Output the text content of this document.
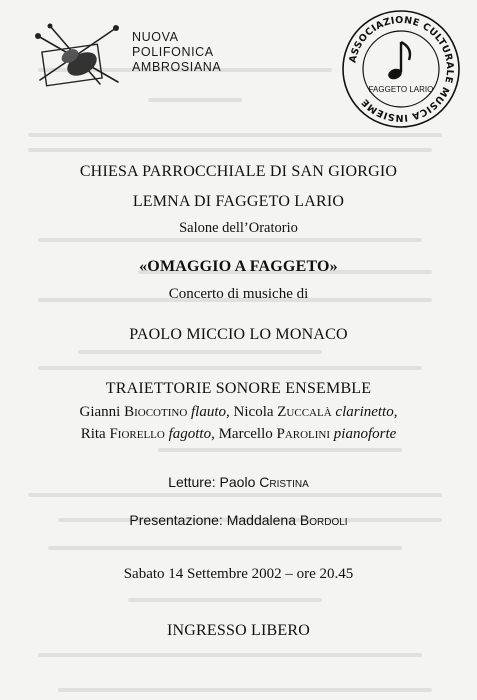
NUOVA
POLIFONICA
AMBROSIANA
ASSOCIAZIONE CULTURALE MUSICA INSIEME
FAGGETO LARIO
CHIESA PARROCCHIALE DI SAN GIORGIO
LEMNA DI FAGGETO LARIO
Salone dell’Oratorio
«OMAGGIO A FAGGETO»
Concerto di musiche di
PAOLO MICCIO LO MONACO
TRAIETTORIE SONORE ENSEMBLE
Gianni Biocotino flauto, Nicola Zuccalà clarinetto,
Rita Fiorello fagotto, Marcello Parolini pianoforte
Letture: Paolo Cristina
Presentazione: Maddalena Bordoli
Sabato 14 Settembre 2002 – ore 20.45
INGRESSO LIBERO
